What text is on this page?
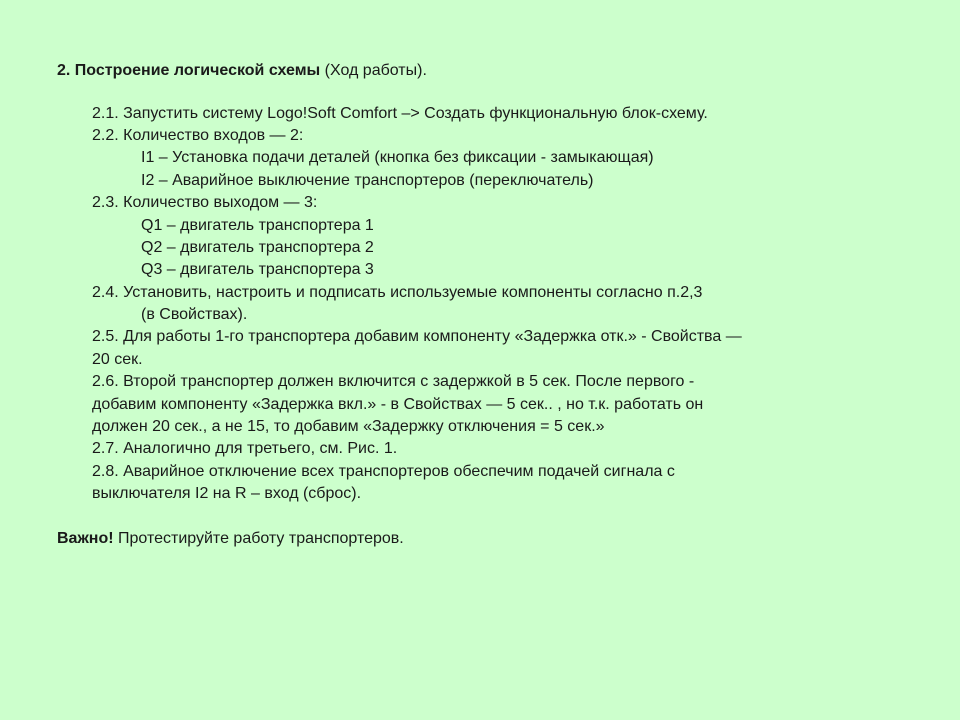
2. Построение логической схемы (Ход работы).
2.1. Запустить систему Logo!Soft Comfort –> Создать функциональную блок-схему.
2.2. Количество входов — 2:
I1 – Установка подачи деталей (кнопка без фиксации - замыкающая)
I2 – Аварийное выключение транспортеров (переключатель)
2.3. Количество выходом — 3:
Q1 – двигатель транспортера 1
Q2 – двигатель транспортера 2
Q3 – двигатель транспортера 3
2.4. Установить, настроить и подписать используемые компоненты согласно п.2,3
(в Свойствах).
2.5. Для работы 1-го транспортера добавим компоненту «Задержка отк.» - Свойства —
20 сек.
2.6. Второй транспортер должен включится с задержкой в 5 сек. После первого -
добавим компоненту «Задержка вкл.» - в Свойствах — 5 сек.. , но т.к. работать он
должен 20 сек., а не 15, то добавим «Задержку отключения = 5 сек.»
2.7. Аналогично для третьего, см. Рис. 1.
2.8. Аварийное отключение всех транспортеров обеспечим подачей сигнала с
выключателя I2 на R – вход (сброс).
Важно! Протестируйте работу транспортеров.
